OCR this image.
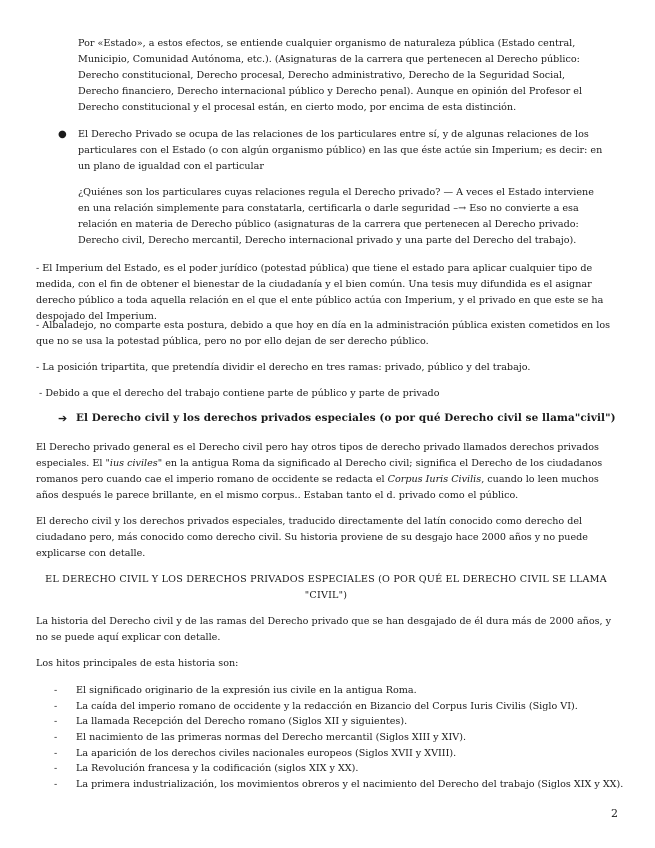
Por «Estado», a estos efectos, se entiende cualquier organismo de naturaleza pública (Estado central, Municipio, Comunidad Autónoma, etc.). (Asignaturas de la carrera que pertenecen al Derecho público: Derecho constitucional, Derecho procesal, Derecho administrativo, Derecho de la Seguridad Social, Derecho financiero, Derecho internacional público y Derecho penal). Aunque en opinión del Profesor el Derecho constitucional y el procesal están, en cierto modo, por encima de esta distinción.

● El Derecho Privado se ocupa de las relaciones de los particulares entre sí, y de algunas relaciones de los particulares con el Estado (o con algún organismo público) en las que éste actúe sin Imperium; es decir: en un plano de igualdad con el particular

¿Quiénes son los particulares cuyas relaciones regula el Derecho privado? — A veces el Estado interviene en una relación simplemente para constatarla, certificarla o darle seguridad –→ Eso no convierte a esa relación en materia de Derecho público (asignaturas de la carrera que pertenecen al Derecho privado: Derecho civil, Derecho mercantil, Derecho internacional privado y una parte del Derecho del trabajo).

- El Imperium del Estado, es el poder jurídico (potestad pública) que tiene el estado para aplicar cualquier tipo de medida, con el fin de obtener el bienestar de la ciudadanía y el bien común. Una tesis muy difundida es el asignar derecho público a toda aquella relación en el que el ente público actúa con Imperium, y el privado en que este se ha despojado del Imperium.

- Albaladejo, no comparte esta postura, debido a que hoy en día en la administración pública existen cometidos en los que no se usa la potestad pública, pero no por ello dejan de ser derecho público.

- La posición tripartita, que pretendía dividir el derecho en tres ramas: privado, público y del trabajo.

- Debido a que el derecho del trabajo contiene parte de público y parte de privado

➔ El Derecho civil y los derechos privados especiales (o por qué Derecho civil se llama"civil")

El Derecho privado general es el Derecho civil pero hay otros tipos de derecho privado llamados derechos privados especiales. El "ius civiles" en la antigua Roma da significado al Derecho civil; significa el Derecho de los ciudadanos romanos pero cuando cae el imperio romano de occidente se redacta el Corpus Iuris Civilis, cuando lo leen muchos años después le parece brillante, en el mismo corpus.. Estaban tanto el d. privado como el público.

El derecho civil y los derechos privados especiales, traducido directamente del latín conocido como derecho del ciudadano pero, más conocido como derecho civil. Su historia proviene de su desgajo hace 2000 años y no puede explicarse con detalle.

EL DERECHO CIVIL Y LOS DERECHOS PRIVADOS ESPECIALES (O POR QUÉ EL DERECHO CIVIL SE LLAMA "CIVIL")

La historia del Derecho civil y de las ramas del Derecho privado que se han desgajado de él dura más de 2000 años, y no se puede aquí explicar con detalle.

Los hitos principales de esta historia son:

- El significado originario de la expresión ius civile en la antigua Roma.
- La caída del imperio romano de occidente y la redacción en Bizancio del Corpus Iuris Civilis (Siglo VI).
- La llamada Recepción del Derecho romano (Siglos XII y siguientes).
- El nacimiento de las primeras normas del Derecho mercantil (Siglos XIII y XIV).
- La aparición de los derechos civiles nacionales europeos (Siglos XVII y XVIII).
- La Revolución francesa y la codificación (siglos XIX y XX).
- La primera industrialización, los movimientos obreros y el nacimiento del Derecho del trabajo (Siglos XIX y XX).
2
